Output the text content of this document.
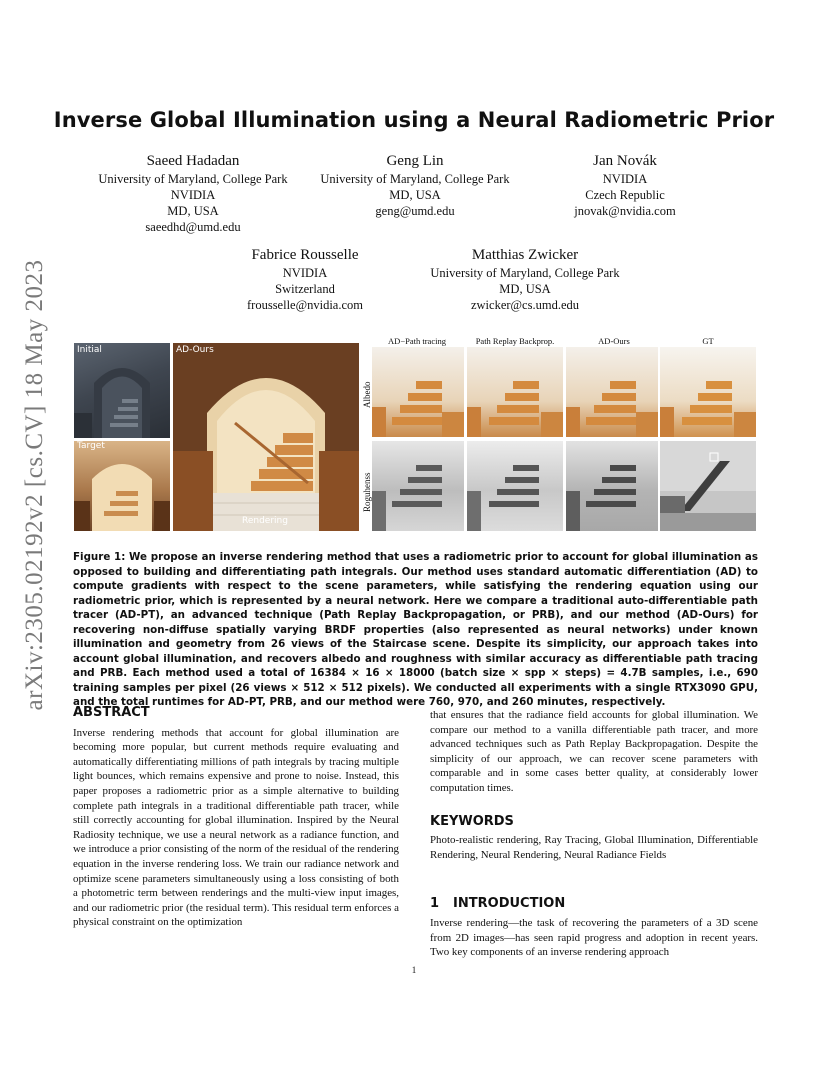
arXiv:2305.02192v2 [cs.CV] 18 May 2023
Inverse Global Illumination using a Neural Radiometric Prior
Saeed Hadadan
University of Maryland, College Park
NVIDIA
MD, USA
saeedhd@umd.edu
Geng Lin
University of Maryland, College Park
MD, USA
geng@umd.edu
Jan Novák
NVIDIA
Czech Republic
jnovak@nvidia.com
Fabrice Rousselle
NVIDIA
Switzerland
frousselle@nvidia.com
Matthias Zwicker
University of Maryland, College Park
MD, USA
zwicker@cs.umd.edu
Initial
Target
AD-Ours
Rendering
AD−Path tracing	Path Replay Backprop.	AD-Ours	GT
Albedo
Roguhenss
Figure 1: We propose an inverse rendering method that uses a radiometric prior to account for global illumination as opposed to building and differentiating path integrals. Our method uses standard automatic differentiation (AD) to compute gradients with respect to the scene parameters, while satisfying the rendering equation using our radiometric prior, which is represented by a neural network. Here we compare a traditional auto-differentiable path tracer (AD-PT), an advanced technique (Path Replay Backpropagation, or PRB), and our method (AD-Ours) for recovering non-diffuse spatially varying BRDF properties (also represented as neural networks) under known illumination and geometry from 26 views of the Staircase scene. Despite its simplicity, our approach takes into account global illumination, and recovers albedo and roughness with similar accuracy as differentiable path tracing and PRB. Each method used a total of 16384 × 16 × 18000 (batch size × spp × steps) = 4.7B samples, i.e., 690 training samples per pixel (26 views × 512 × 512 pixels). We conducted all experiments with a single RTX3090 GPU, and the total runtimes for AD-PT, PRB, and our method were 760, 970, and 260 minutes, respectively.
ABSTRACT
Inverse rendering methods that account for global illumination are becoming more popular, but current methods require evaluating and automatically differentiating millions of path integrals by tracing multiple light bounces, which remains expensive and prone to noise. Instead, this paper proposes a radiometric prior as a simple alternative to building complete path integrals in a traditional differentiable path tracer, while still correctly accounting for global illumination. Inspired by the Neural Radiosity technique, we use a neural network as a radiance function, and we introduce a prior consisting of the norm of the residual of the rendering equation in the inverse rendering loss. We train our radiance network and optimize scene parameters simultaneously using a loss consisting of both a photometric term between renderings and the multi-view input images, and our radiometric prior (the residual term). This residual term enforces a physical constraint on the optimization
that ensures that the radiance field accounts for global illumination. We compare our method to a vanilla differentiable path tracer, and more advanced techniques such as Path Replay Backpropagation. Despite the simplicity of our approach, we can recover scene parameters with comparable and in some cases better quality, at considerably lower computation times.
KEYWORDS
Photo-realistic rendering, Ray Tracing, Global Illumination, Differentiable Rendering, Neural Rendering, Neural Radiance Fields
1 INTRODUCTION
Inverse rendering—the task of recovering the parameters of a 3D scene from 2D images—has seen rapid progress and adoption in recent years. Two key components of an inverse rendering approach
1
